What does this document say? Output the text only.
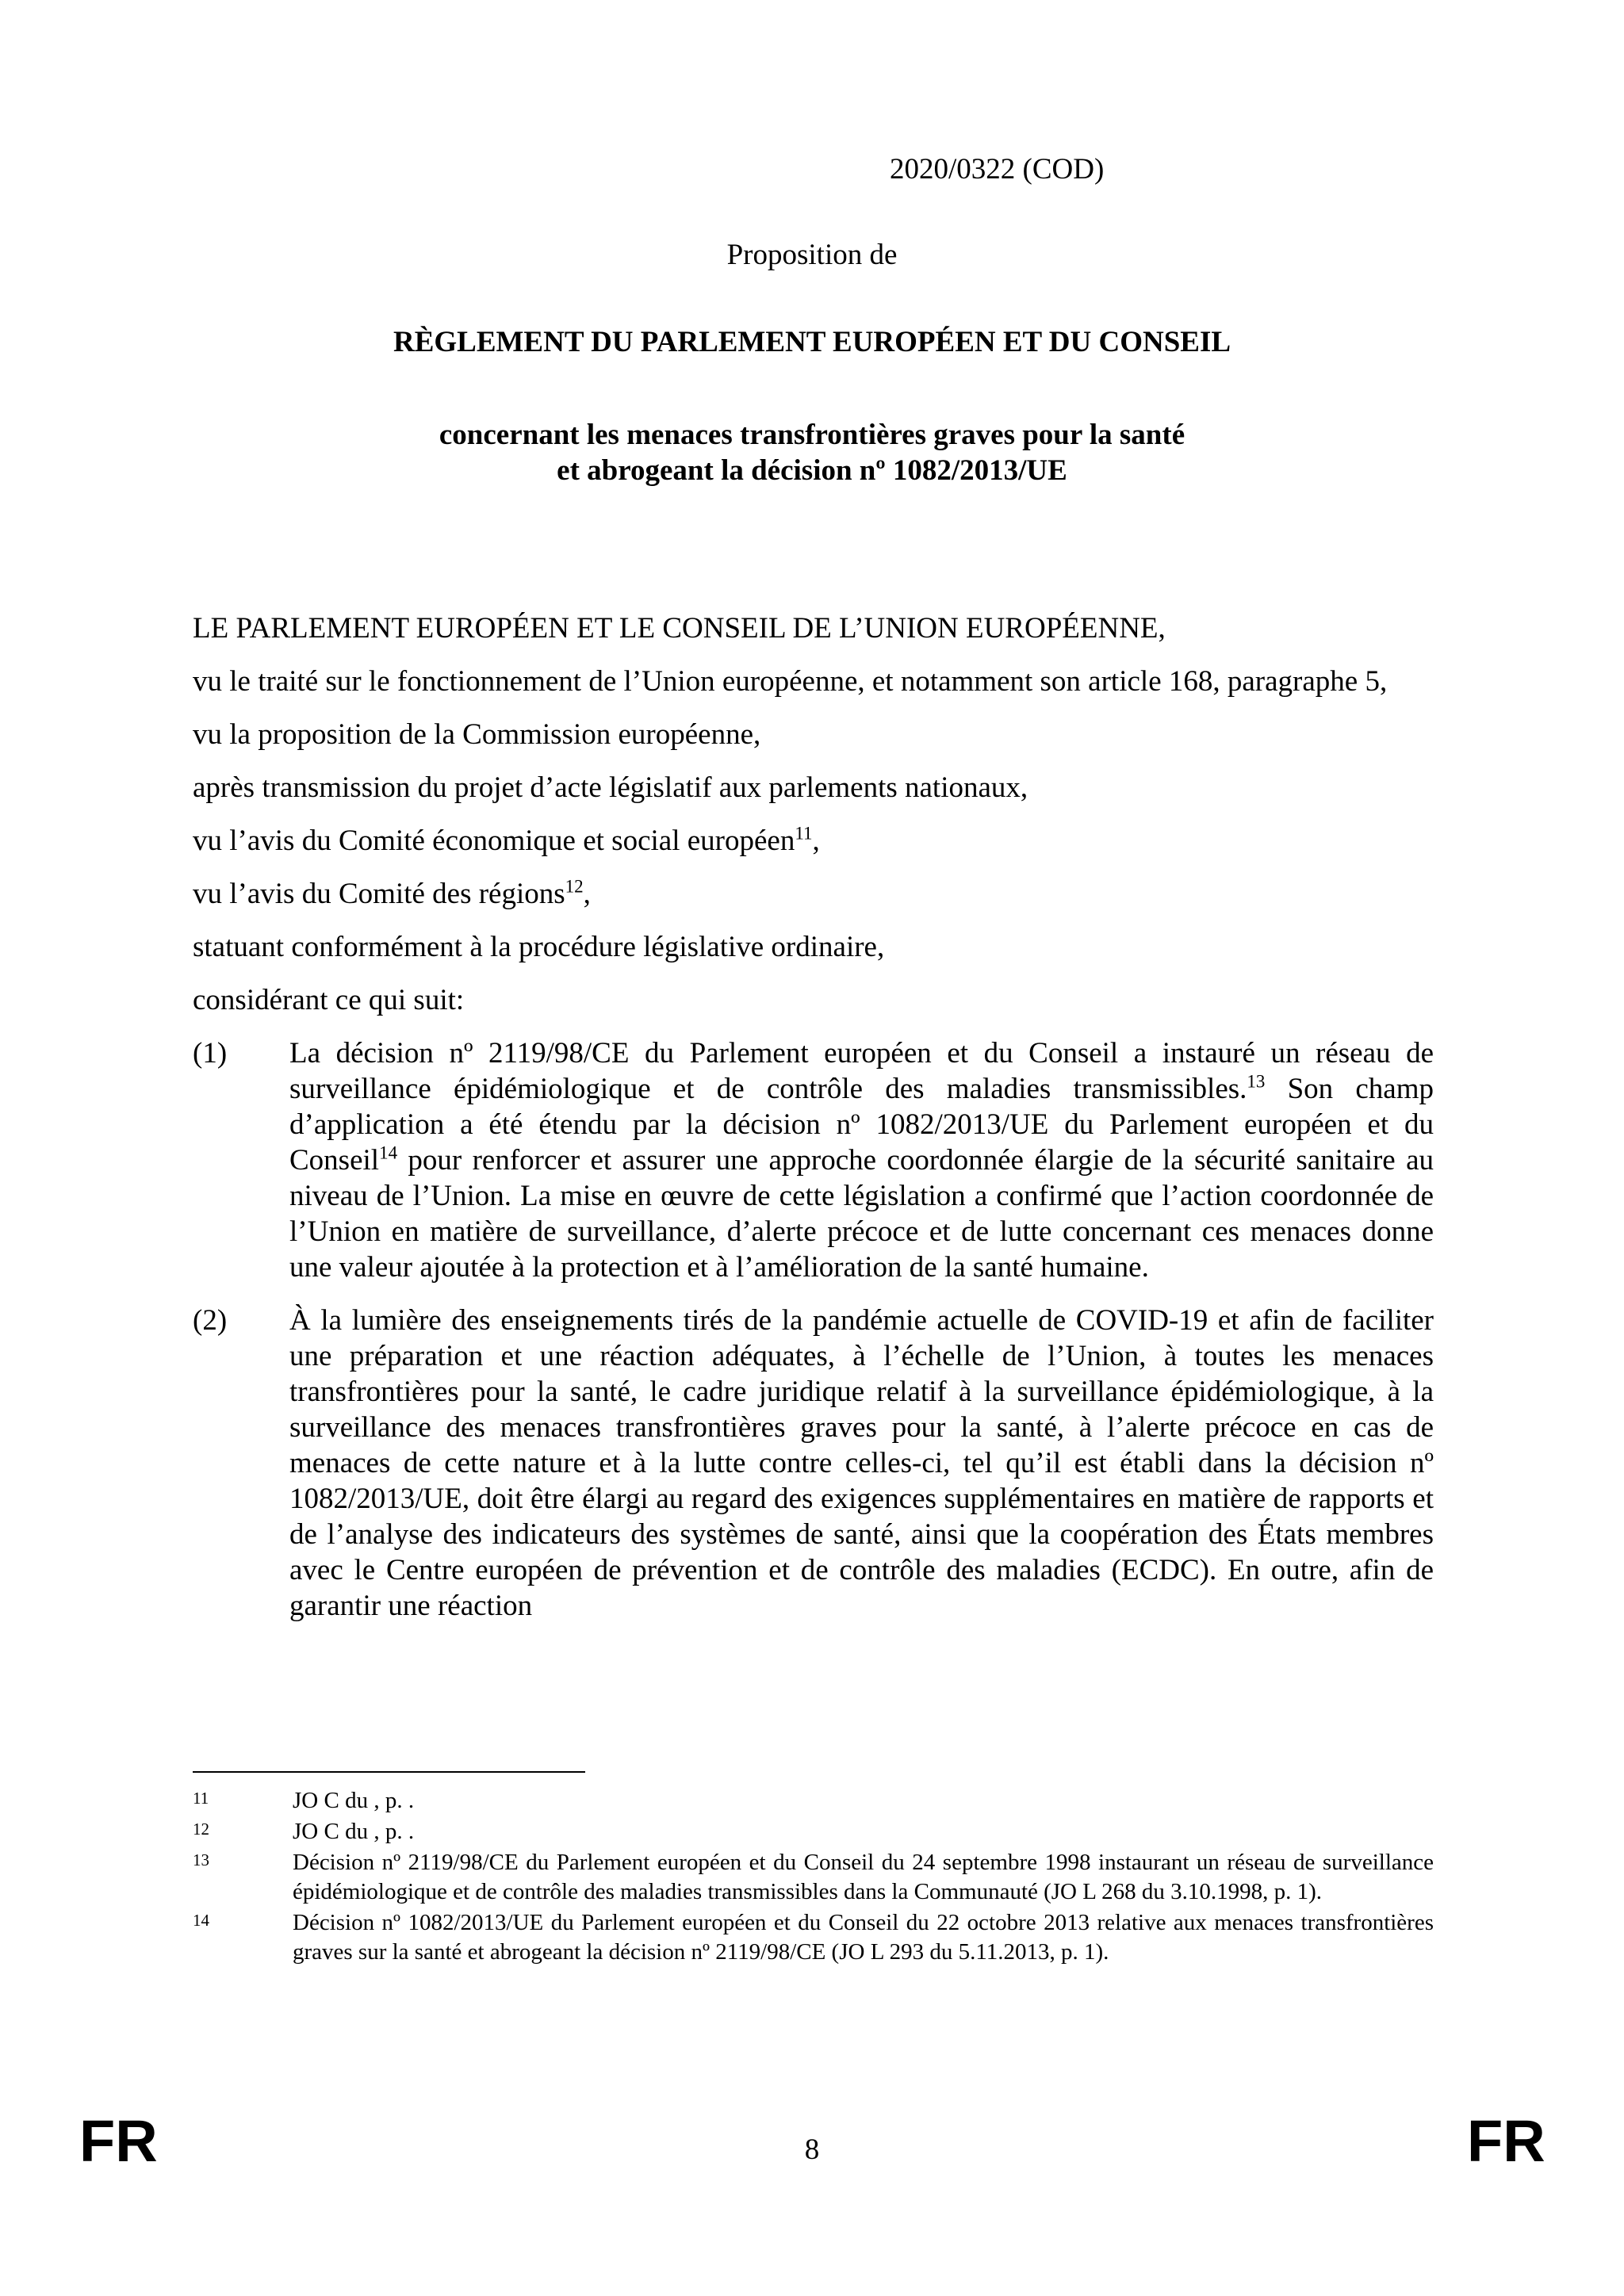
2020/0322 (COD)
Proposition de
RÈGLEMENT DU PARLEMENT EUROPÉEN ET DU CONSEIL
concernant les menaces transfrontières graves pour la santé
et abrogeant la décision nº 1082/2013/UE

LE PARLEMENT EUROPÉEN ET LE CONSEIL DE L’UNION EUROPÉENNE,

vu le traité sur le fonctionnement de l’Union européenne, et notamment son article 168, paragraphe 5,

vu la proposition de la Commission européenne,

après transmission du projet d’acte législatif aux parlements nationaux,

vu l’avis du Comité économique et social européen$^{11}$,

vu l’avis du Comité des régions$^{12}$,

statuant conformément à la procédure législative ordinaire,

considérant ce qui suit:

(1)	La décision nº 2119/98/CE du Parlement européen et du Conseil a instauré un réseau de surveillance épidémiologique et de contrôle des maladies transmissibles.$^{13}$ Son champ d’application a été étendu par la décision nº 1082/2013/UE du Parlement européen et du Conseil$^{14}$ pour renforcer et assurer une approche coordonnée élargie de la sécurité sanitaire au niveau de l’Union. La mise en œuvre de cette législation a confirmé que l’action coordonnée de l’Union en matière de surveillance, d’alerte précoce et de lutte concernant ces menaces donne une valeur ajoutée à la protection et à l’amélioration de la santé humaine.
(2)	À la lumière des enseignements tirés de la pandémie actuelle de COVID-19 et afin de faciliter une préparation et une réaction adéquates, à l’échelle de l’Union, à toutes les menaces transfrontières pour la santé, le cadre juridique relatif à la surveillance épidémiologique, à la surveillance des menaces transfrontières graves pour la santé, à l’alerte précoce en cas de menaces de cette nature et à la lutte contre celles-ci, tel qu’il est établi dans la décision nº 1082/2013/UE, doit être élargi au regard des exigences supplémentaires en matière de rapports et de l’analyse des indicateurs des systèmes de santé, ainsi que la coopération des États membres avec le Centre européen de prévention et de contrôle des maladies (ECDC). En outre, afin de garantir une réaction
11	JO C du , p. .
12	JO C du , p. .
13	Décision nº 2119/98/CE du Parlement européen et du Conseil du 24 septembre 1998 instaurant un réseau de surveillance épidémiologique et de contrôle des maladies transmissibles dans la Communauté (JO L 268 du 3.10.1998, p. 1).
14	Décision nº 1082/2013/UE du Parlement européen et du Conseil du 22 octobre 2013 relative aux menaces transfrontières graves sur la santé et abrogeant la décision nº 2119/98/CE (JO L 293 du 5.11.2013, p. 1).
FR	8	FR
